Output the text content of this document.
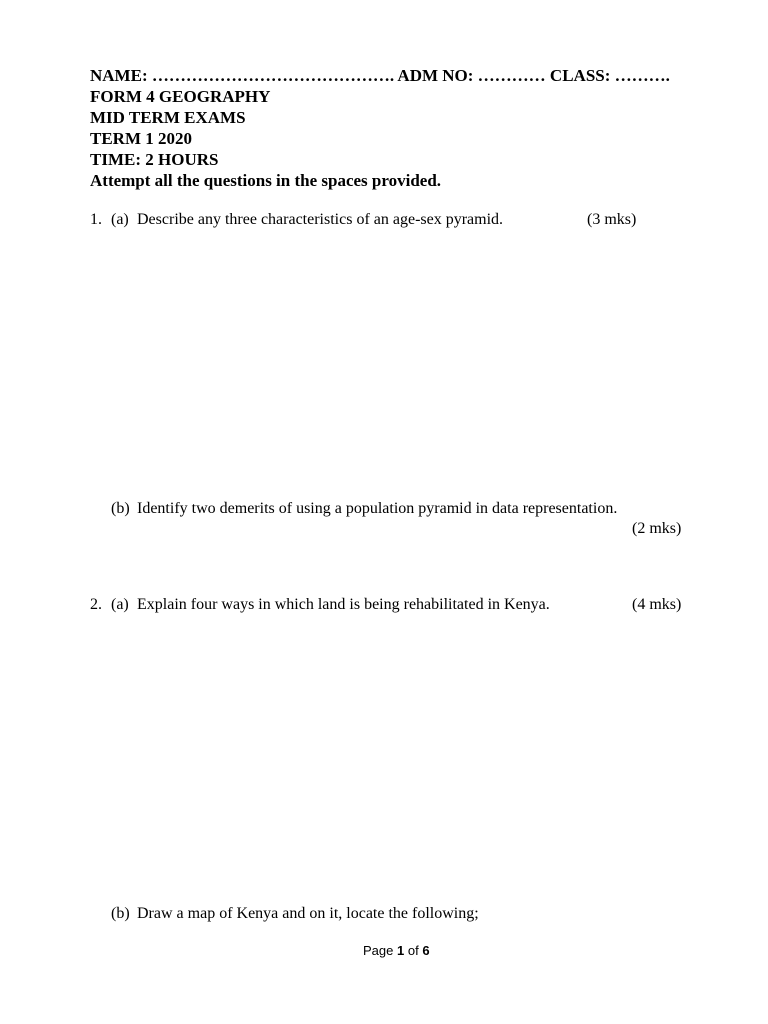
NAME: ……………………………………. ADM NO: ………… CLASS: ……….
FORM 4 GEOGRAPHY
MID TERM EXAMS
TERM 1 2020
TIME: 2 HOURS
Attempt all the questions in the spaces provided.
1. (a) Describe any three characteristics of an age-sex pyramid.	(3 mks)
(b) Identify two demerits of using a population pyramid in data representation.
(2 mks)
2. (a) Explain four ways in which land is being rehabilitated in Kenya.	(4 mks)
(b) Draw a map of Kenya and on it, locate the following;
Page 1 of 6
